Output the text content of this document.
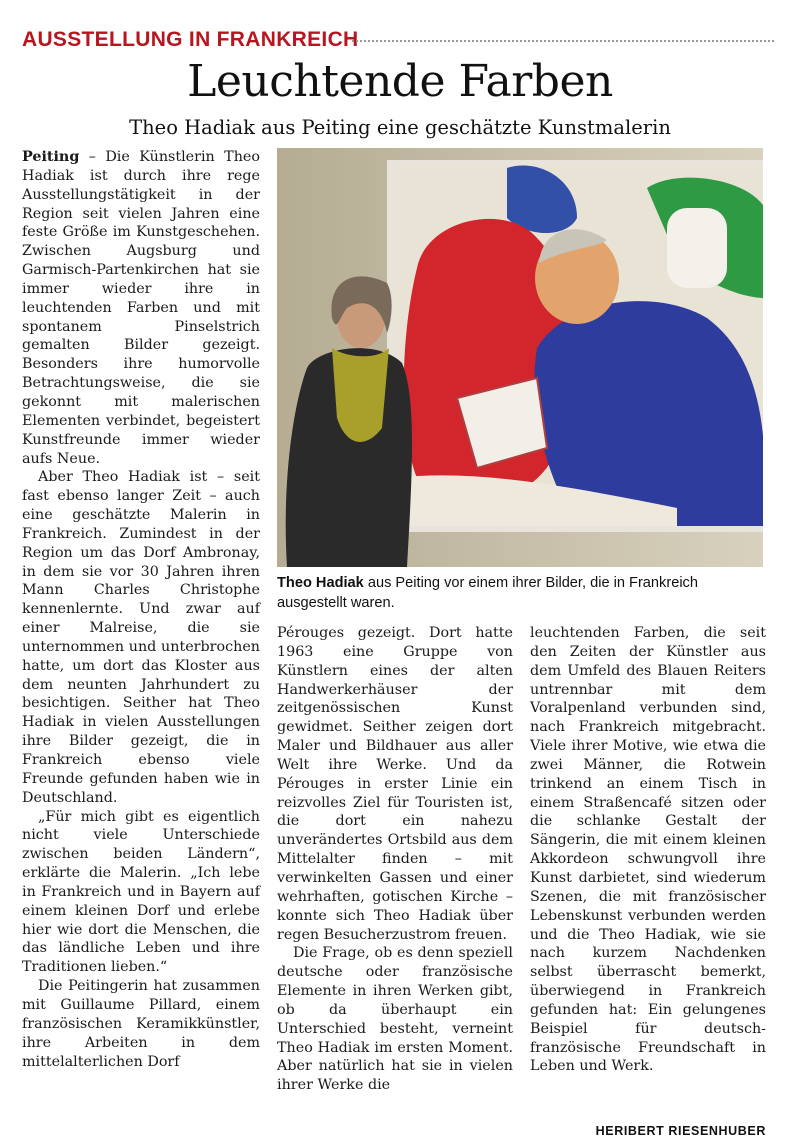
AUSSTELLUNG IN FRANKREICH
Leuchtende Farben
Theo Hadiak aus Peiting eine geschätzte Kunstmalerin

Peiting – Die Künstlerin Theo Hadiak ist durch ihre rege Ausstellungstätigkeit in der Region seit vielen Jahren eine feste Größe im Kunstgeschehen. Zwischen Augsburg und Garmisch-Partenkirchen hat sie immer wieder ihre in leuchtenden Farben und mit spontanem Pinselstrich gemalten Bilder gezeigt. Besonders ihre humorvolle Betrachtungsweise, die sie gekonnt mit malerischen Elementen verbindet, begeistert Kunstfreunde immer wieder aufs Neue.

Aber Theo Hadiak ist – seit fast ebenso langer Zeit – auch eine geschätzte Malerin in Frankreich. Zumindest in der Region um das Dorf Ambronay, in dem sie vor 30 Jahren ihren Mann Charles Christophe kennenlernte. Und zwar auf einer Malreise, die sie unternommen und unterbrochen hatte, um dort das Kloster aus dem neunten Jahrhundert zu besichtigen. Seither hat Theo Hadiak in vielen Ausstellungen ihre Bilder gezeigt, die in Frankreich ebenso viele Freunde gefunden haben wie in Deutschland.

„Für mich gibt es eigentlich nicht viele Unterschiede zwischen beiden Ländern“, erklärte die Malerin. „Ich lebe in Frankreich und in Bayern auf einem kleinen Dorf und erlebe hier wie dort die Menschen, die das ländliche Leben und ihre Traditionen lieben.“

Die Peitingerin hat zusammen mit Guillaume Pillard, einem französischen Keramikkünstler, ihre Arbeiten in dem mittelalterlichen Dorf

Theo Hadiak aus Peiting vor einem ihrer Bilder, die in Frankreich ausgestellt waren.

Pérouges gezeigt. Dort hatte 1963 eine Gruppe von Künstlern eines der alten Handwerkerhäuser der zeitgenössischen Kunst gewidmet. Seither zeigen dort Maler und Bildhauer aus aller Welt ihre Werke. Und da Pérouges in erster Linie ein reizvolles Ziel für Touristen ist, die dort ein nahezu unverändertes Ortsbild aus dem Mittelalter finden – mit verwinkelten Gassen und einer wehrhaften, gotischen Kirche – konnte sich Theo Hadiak über regen Besucherzustrom freuen.

Die Frage, ob es denn speziell deutsche oder französische Elemente in ihren Werken gibt, ob da überhaupt ein Unterschied besteht, verneint Theo Hadiak im ersten Moment. Aber natürlich hat sie in vielen ihrer Werke die

leuchtenden Farben, die seit den Zeiten der Künstler aus dem Umfeld des Blauen Reiters untrennbar mit dem Voralpenland verbunden sind, nach Frankreich mitgebracht. Viele ihrer Motive, wie etwa die zwei Männer, die Rotwein trinkend an einem Tisch in einem Straßencafé sitzen oder die schlanke Gestalt der Sängerin, die mit einem kleinen Akkordeon schwungvoll ihre Kunst darbietet, sind wiederum Szenen, die mit französischer Lebenskunst verbunden werden und die Theo Hadiak, wie sie nach kurzem Nachdenken selbst überrascht bemerkt, überwiegend in Frankreich gefunden hat: Ein gelungenes Beispiel für deutsch-französische Freundschaft in Leben und Werk.

HERIBERT RIESENHUBER
